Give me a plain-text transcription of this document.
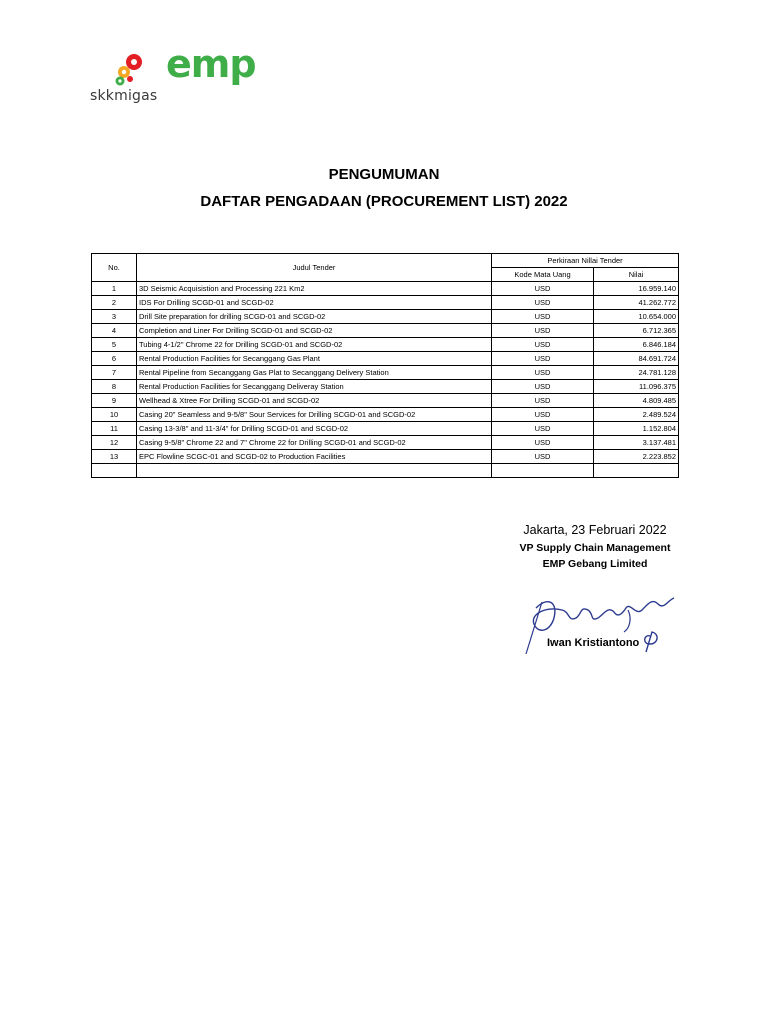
skkmigas
emp
PENGUMUMAN
DAFTAR PENGADAAN (PROCUREMENT LIST) 2022
No.	Judul Tender	Perkiraan Nillai Tender	
		Kode Mata Uang	Nilai
1	3D Seismic Acquisistion and Processing 221 Km2	USD	16.959.140
2	IDS For Drilling SCGD-01 and SCGD-02	USD	41.262.772
3	Drill Site preparation for drilling SCGD-01 and SCGD-02	USD	10.654.000
4	Completion and Liner For Drilling SCGD-01 and SCGD-02	USD	6.712.365
5	Tubing 4-1/2" Chrome 22 for Drilling SCGD-01 and SCGD-02	USD	6.846.184
6	Rental Production Facilities for Secanggang Gas Plant	USD	84.691.724
7	Rental Pipeline from Secanggang Gas Plat to Secanggang Delivery Station	USD	24.781.128
8	Rental Production Facilities for Secanggang Deliveray Station	USD	11.096.375
9	Wellhead & Xtree For Drilling SCGD-01 and SCGD-02	USD	4.809.485
10	Casing 20" Seamless and 9-5/8" Sour Services for Drilling SCGD-01 and SCGD-02	USD	2.489.524
11	Casing 13-3/8" and 11-3/4" for Drilling SCGD-01 and SCGD-02	USD	1.152.804
12	Casing 9-5/8" Chrome 22 and 7" Chrome 22 for Drilling SCGD-01 and SCGD-02	USD	3.137.481
13	EPC Flowline SCGC-01 and SCGD-02 to Production Facilities	USD	2.223.852

Jakarta, 23 Februari 2022
VP Supply Chain Management
EMP Gebang Limited
Iwan Kristiantono
